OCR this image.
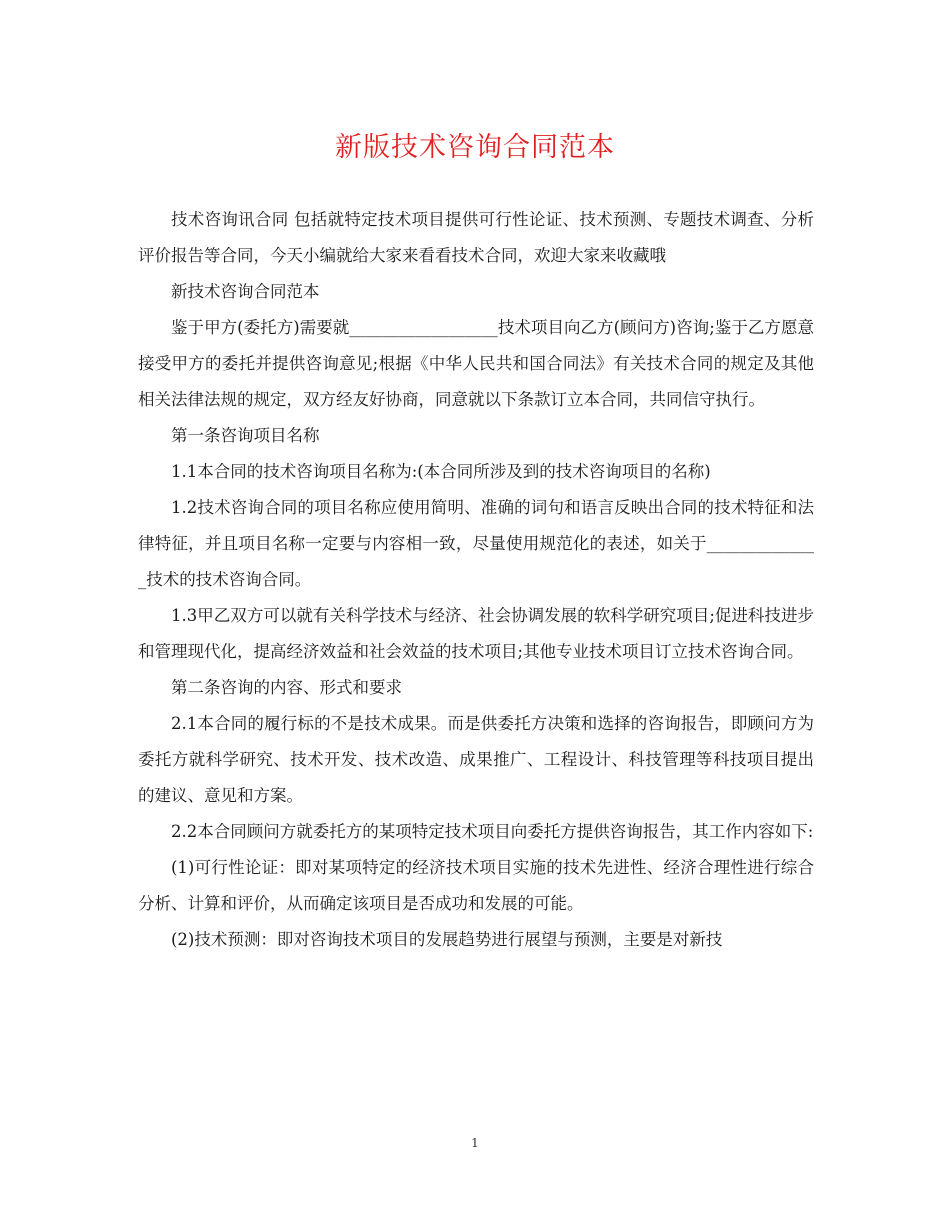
新版技术咨询合同范本

技术咨询讯合同 包括就特定技术项目提供可行性论证、技术预测、专题技术调查、分析评价报告等合同，今天小编就给大家来看看技术合同，欢迎大家来收藏哦

新技术咨询合同范本

鉴于甲方(委托方)需要就__________________技术项目向乙方(顾问方)咨询;鉴于乙方愿意接受甲方的委托并提供咨询意见;根据《中华人民共和国合同法》有关技术合同的规定及其他相关法律法规的规定，双方经友好协商，同意就以下条款订立本合同，共同信守执行。

第一条咨询项目名称

1.1本合同的技术咨询项目名称为:(本合同所涉及到的技术咨询项目的名称)

1.2技术咨询合同的项目名称应使用简明、准确的词句和语言反映出合同的技术特征和法律特征，并且项目名称一定要与内容相一致，尽量使用规范化的表述，如关于______________技术的技术咨询合同。

1.3甲乙双方可以就有关科学技术与经济、社会协调发展的软科学研究项目;促进科技进步和管理现代化，提高经济效益和社会效益的技术项目;其他专业技术项目订立技术咨询合同。

第二条咨询的内容、形式和要求

2.1本合同的履行标的不是技术成果。而是供委托方决策和选择的咨询报告，即顾问方为委托方就科学研究、技术开发、技术改造、成果推广、工程设计、科技管理等科技项目提出的建议、意见和方案。

2.2本合同顾问方就委托方的某项特定技术项目向委托方提供咨询报告，其工作内容如下:

(1)可行性论证：即对某项特定的经济技术项目实施的技术先进性、经济合理性进行综合分析、计算和评价，从而确定该项目是否成功和发展的可能。

(2)技术预测：即对咨询技术项目的发展趋势进行展望与预测，主要是对新技

1
